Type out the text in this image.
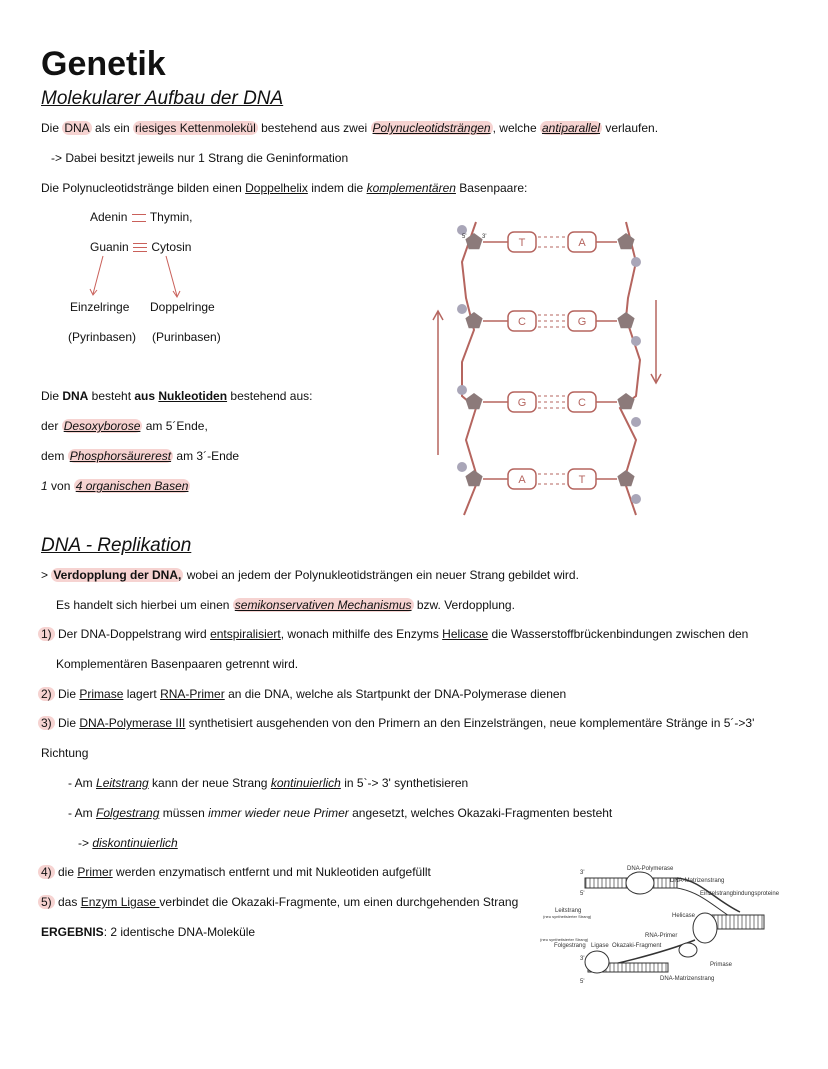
Genetik
Molekularer Aufbau der DNA
Die DNA als ein riesiges Kettenmolekül bestehend aus zwei Polynucleotidsträngen , welche antiparallel verlaufen.
-> Dabei besitzt jeweils nur 1 Strang die Geninformation
Die Polynucleotidstränge bilden einen Doppelhelix indem die komplementären Basenpaare:
Adenin Thymin,
Guanin Cytosin
Einzelringe Doppelringe
(Pyrinbasen) (Purinbasen)
Die DNA besteht aus Nukleotiden bestehend aus:
der Desoxyborose am 5´Ende,
dem Phosphorsäurerest am 3´-Ende
1 von 4 organischen Basen
T	A
C	G
G	C
A	T
5'	3'
DNA - Replikation
> Verdopplung der DNA, wobei an jedem der Polynukleotidsträngen ein neuer Strang gebildet wird.
Es handelt sich hierbei um einen semikonservativen Mechanismus bzw. Verdopplung.
1) Der DNA-Doppelstrang wird entspiralisiert, wonach mithilfe des Enzyms Helicase die Wasserstoffbrückenbindungen zwischen den
Komplementären Basenpaaren getrennt wird.
2) Die Primase lagert RNA-Primer an die DNA, welche als Startpunkt der DNA-Polymerase dienen
3) Die DNA-Polymerase III synthetisiert ausgehenden von den Primern an den Einzelsträngen, neue komplementäre Stränge in 5´->3'
Richtung
- Am Leitstrang kann der neue Strang kontinuierlich in 5`-> 3' synthetisieren
- Am Folgestrang müssen immer wieder neue Primer angesetzt, welches Okazaki-Fragmenten besteht
-> diskontinuierlich
4) die Primer werden enzymatisch entfernt und mit Nukleotiden aufgefüllt
5) das Enzym Ligase verbindet die Okazaki-Fragmente, um einen durchgehenden Strang
ERGEBNIS: 2 identische DNA-Moleküle
DNA-Polymerase
DNA-Matrizenstrang
Einzelstrangbindungsproteine
Leitstrang
(neu synthetisierter Strang)	Helicase
RNA-Primer
(neu synthetisierter Strang)
Folgestrang Ligase Okazaki-Fragment
Primase
DNA-Matrizenstrang
3'
5'
3'
5'
